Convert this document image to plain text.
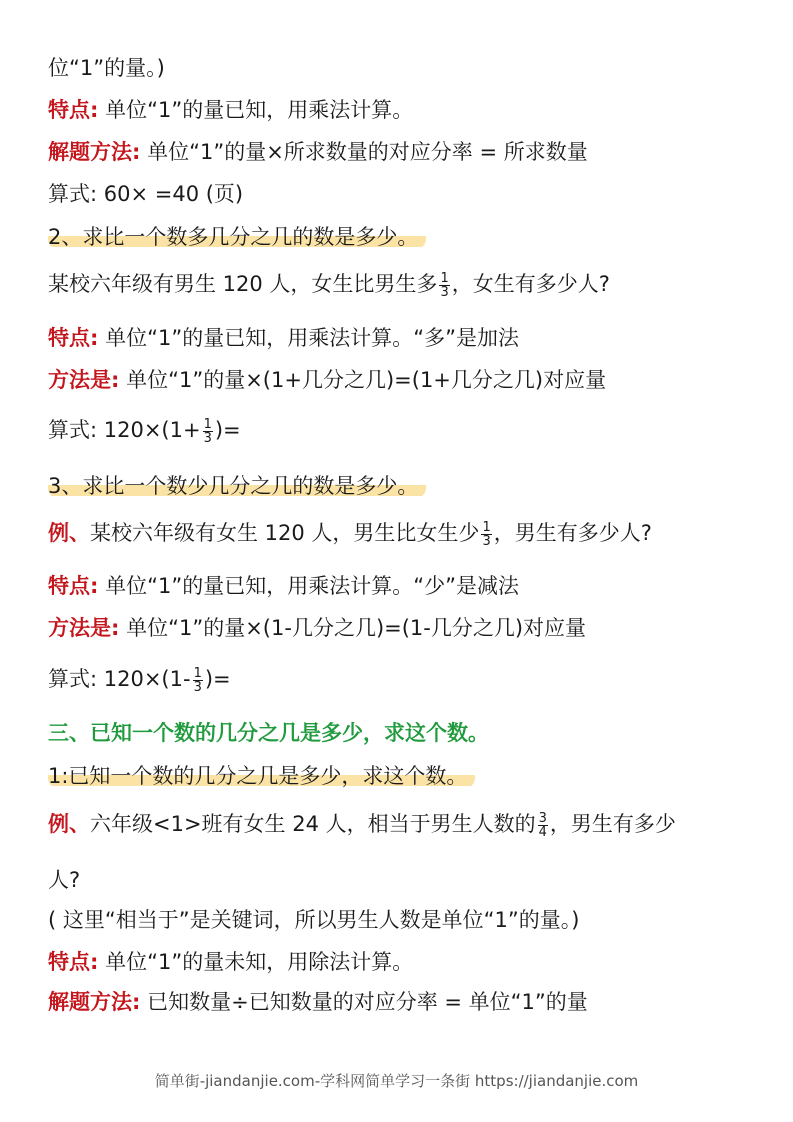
位“1”的量。)
特点: 单位“1”的量已知，用乘法计算。
解题方法: 单位“1”的量×所求数量的对应分率 = 所求数量
算式: 60× =40 (页)
2、求比一个数多几分之几的数是多少。
某校六年级有男生 120 人，女生比男生多 $\frac{1}{3}$ ，女生有多少人?
特点: 单位“1”的量已知，用乘法计算。“多”是加法
方法是: 单位“1”的量×(1+几分之几)=(1+几分之几)对应量
算式: $120\times(1+ \frac{1}{3}$ )=
3、求比一个数少几分之几的数是多少。
例、某校六年级有女生 120 人，男生比女生少 $\frac{1}{3}$ ，男生有多少人?
特点: 单位“1”的量已知，用乘法计算。“少”是减法
方法是: 单位“1”的量×(1-几分之几)=(1-几分之几)对应量
算式: $120\times(1- \frac{1}{3}$ )=
三、已知一个数的几分之几是多少，求这个数。
1:已知一个数的几分之几是多少，求这个数。
例、六年级<1>班有女生 24 人，相当于男生人数的 $\frac{3}{4}$ ，男生有多少
人?
( 这里“相当于”是关键词，所以男生人数是单位“1”的量。)
特点: 单位“1”的量未知，用除法计算。
解题方法: 已知数量÷已知数量的对应分率 = 单位“1”的量
简单街-jiandanjie.com-学科网简单学习一条街 https://jiandanjie.com
